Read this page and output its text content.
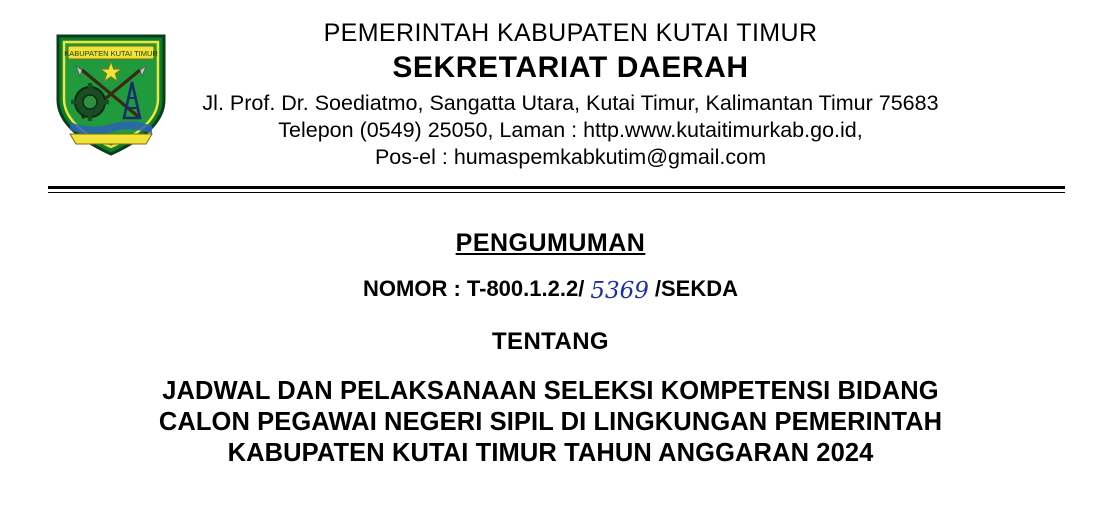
KABUPATEN KUTAI TIMUR
PEMERINTAH KABUPATEN KUTAI TIMUR
SEKRETARIAT DAERAH
Jl. Prof. Dr. Soediatmo, Sangatta Utara, Kutai Timur, Kalimantan Timur 75683
Telepon (0549) 25050, Laman : http.www.kutaitimurkab.go.id,
Pos-el : humaspemkabkutim@gmail.com
PENGUMUMAN
NOMOR : T-800.1.2.2/ 5369 /SEKDA
TENTANG
JADWAL DAN PELAKSANAAN SELEKSI KOMPETENSI BIDANG
CALON PEGAWAI NEGERI SIPIL DI LINGKUNGAN PEMERINTAH
KABUPATEN KUTAI TIMUR TAHUN ANGGARAN 2024
